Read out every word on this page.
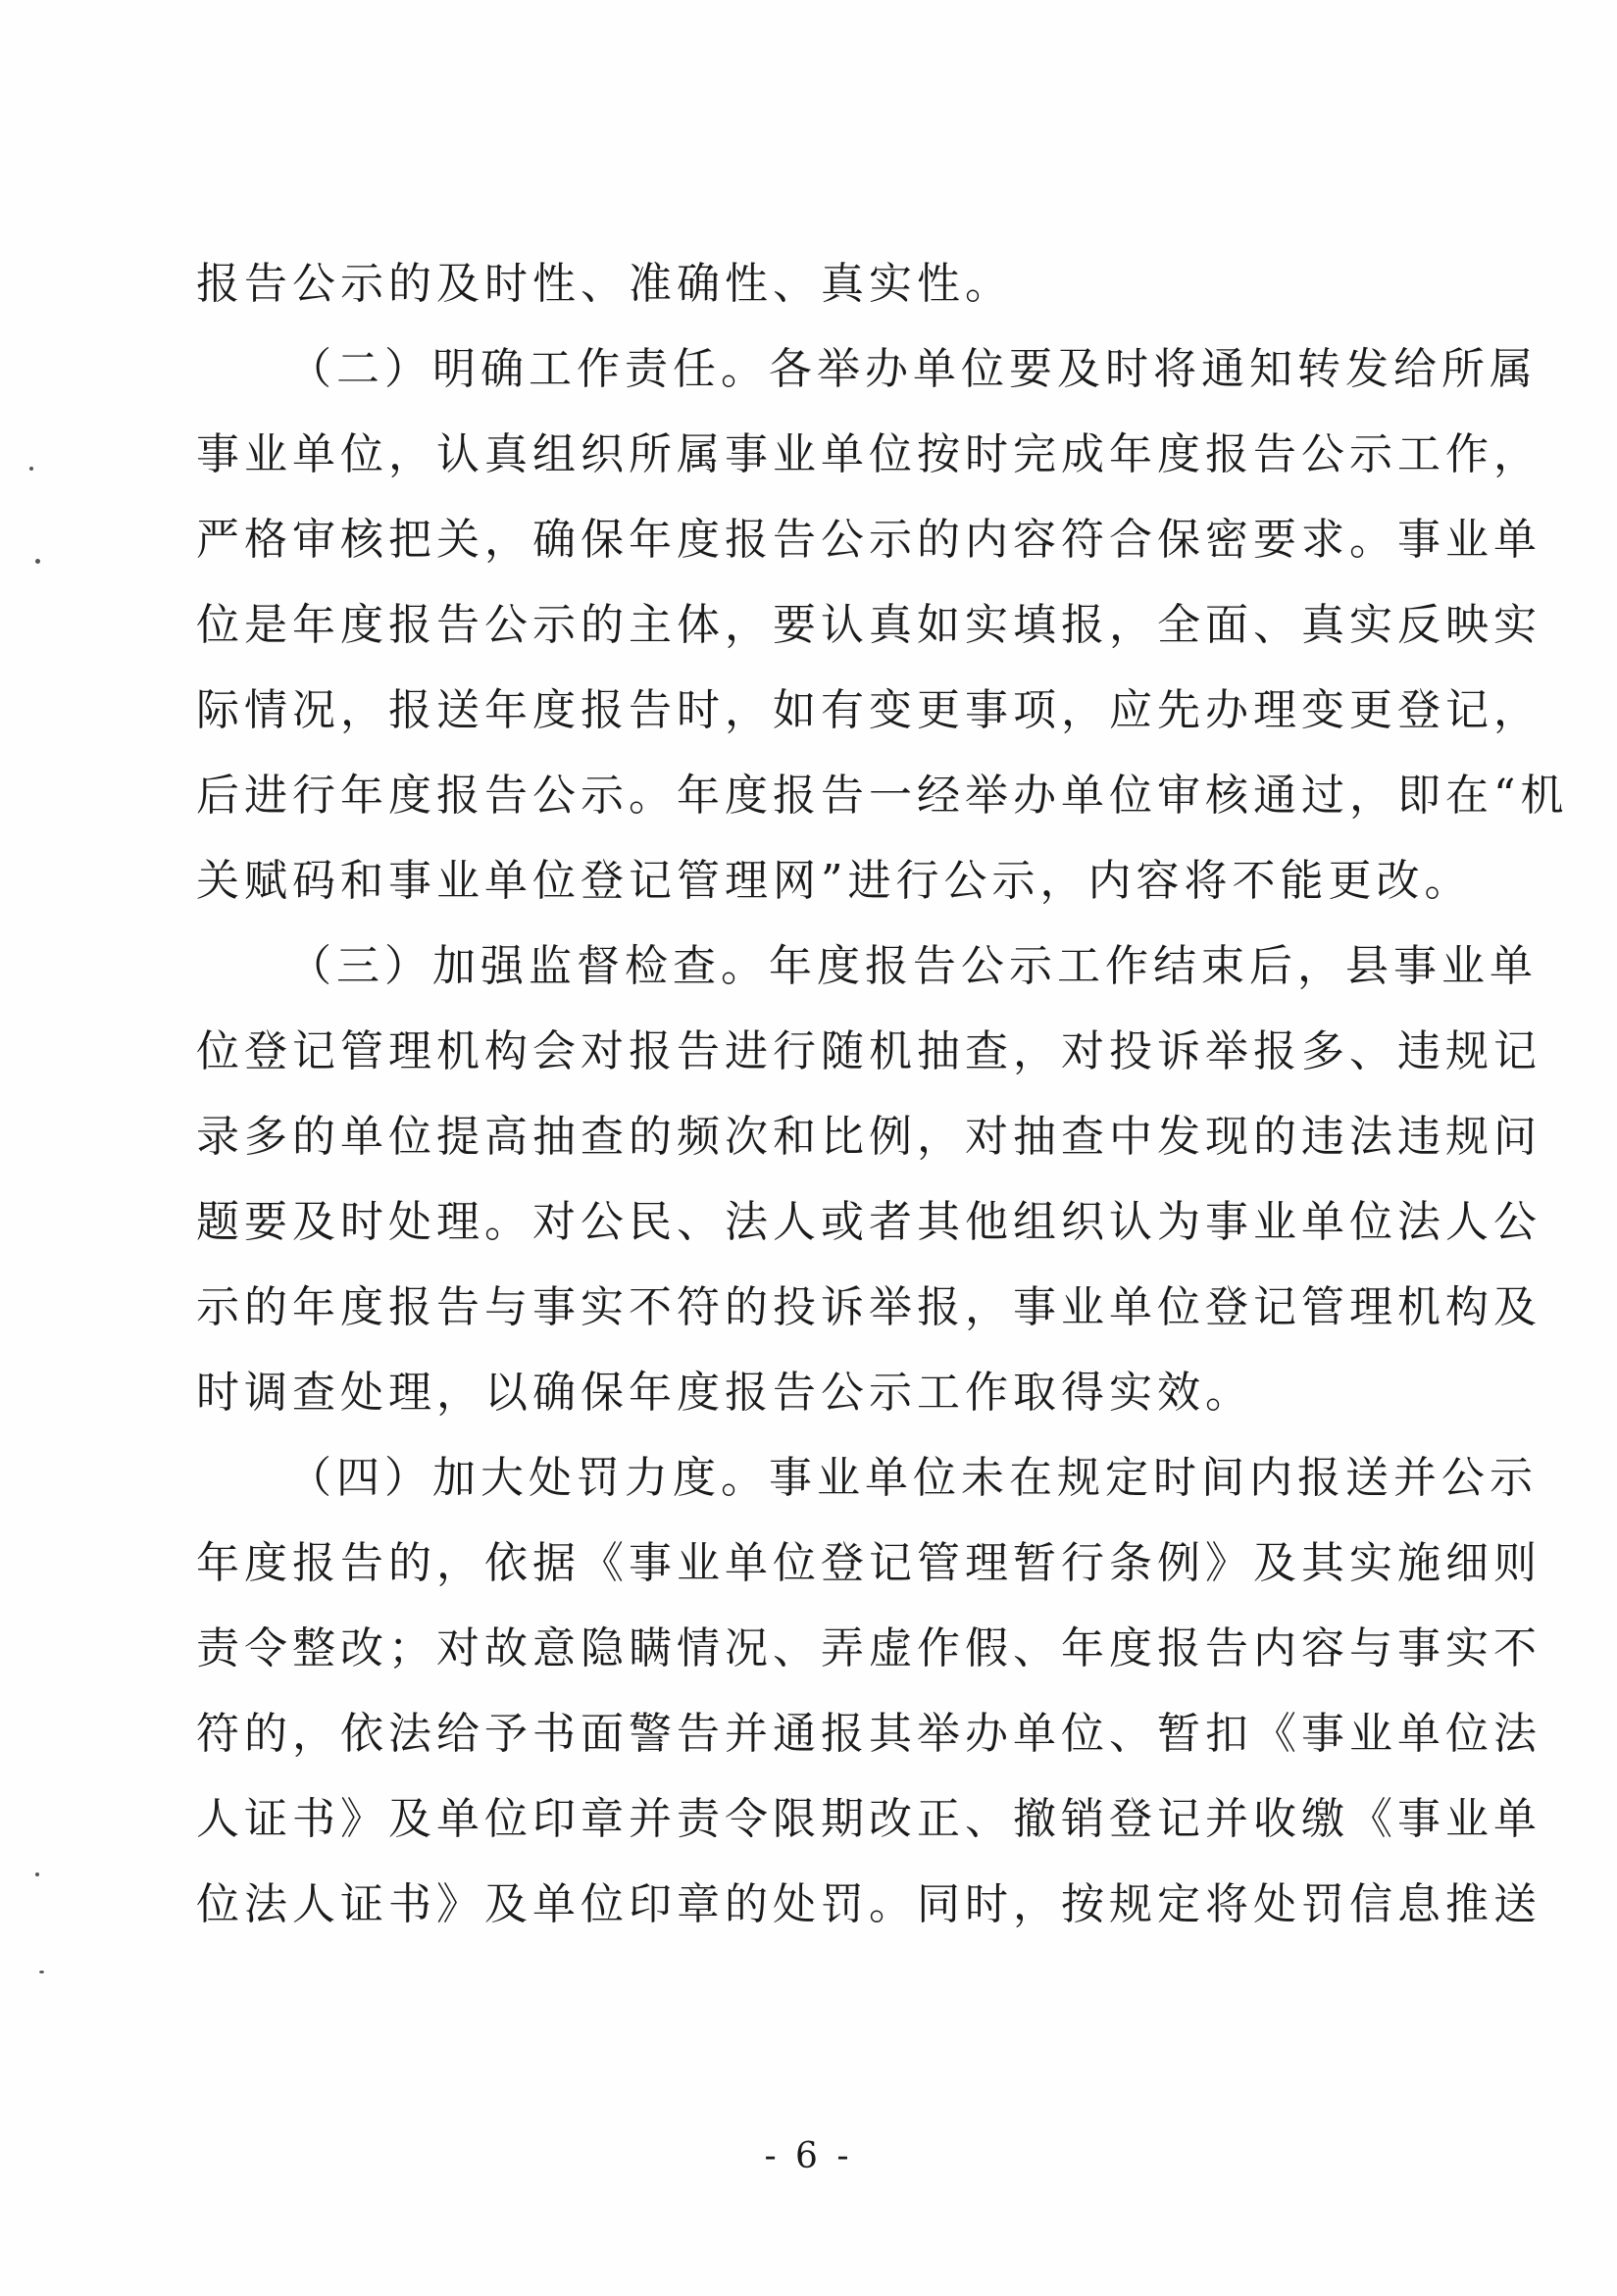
报告公示的及时性、准确性、真实性。
（二）明确工作责任。各举办单位要及时将通知转发给所属
事业单位，认真组织所属事业单位按时完成年度报告公示工作，
严格审核把关，确保年度报告公示的内容符合保密要求。事业单
位是年度报告公示的主体，要认真如实填报，全面、真实反映实
际情况，报送年度报告时，如有变更事项，应先办理变更登记，
后进行年度报告公示。年度报告一经举办单位审核通过，即在“机
关赋码和事业单位登记管理网”进行公示，内容将不能更改。
（三）加强监督检查。年度报告公示工作结束后，县事业单
位登记管理机构会对报告进行随机抽查，对投诉举报多、违规记
录多的单位提高抽查的频次和比例，对抽查中发现的违法违规问
题要及时处理。对公民、法人或者其他组织认为事业单位法人公
示的年度报告与事实不符的投诉举报，事业单位登记管理机构及
时调查处理，以确保年度报告公示工作取得实效。
（四）加大处罚力度。事业单位未在规定时间内报送并公示
年度报告的，依据《事业单位登记管理暂行条例》及其实施细则
责令整改；对故意隐瞒情况、弄虚作假、年度报告内容与事实不
符的，依法给予书面警告并通报其举办单位、暂扣《事业单位法
人证书》及单位印章并责令限期改正、撤销登记并收缴《事业单
位法人证书》及单位印章的处罚。同时，按规定将处罚信息推送
- 6 -
